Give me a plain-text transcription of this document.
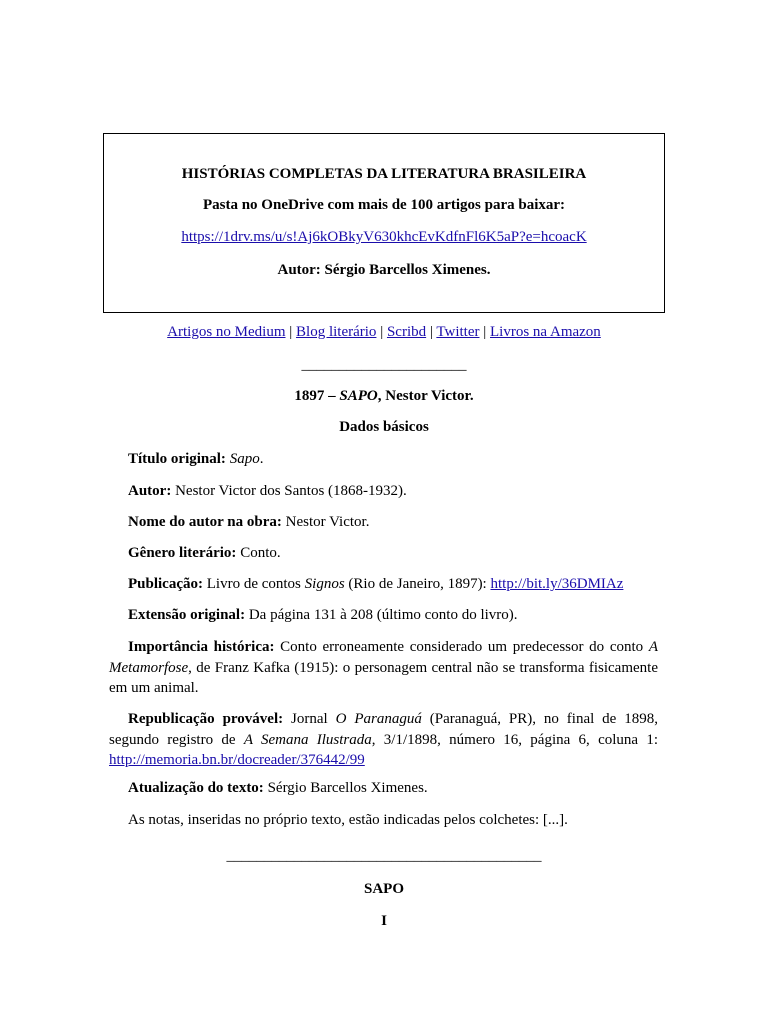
HISTÓRIAS COMPLETAS DA LITERATURA BRASILEIRA
Pasta no OneDrive com mais de 100 artigos para baixar:
https://1drv.ms/u/s!Aj6kOBkyV630khcEvKdfnFl6K5aP?e=hcoacK
Autor: Sérgio Barcellos Ximenes.
Artigos no Medium | Blog literário | Scribd | Twitter | Livros na Amazon
______________________
1897 – SAPO, Nestor Victor.
Dados básicos
Título original: Sapo.
Autor: Nestor Victor dos Santos (1868-1932).
Nome do autor na obra: Nestor Victor.
Gênero literário: Conto.
Publicação: Livro de contos Signos (Rio de Janeiro, 1897): http://bit.ly/36DMIAz
Extensão original: Da página 131 à 208 (último conto do livro).
Importância histórica: Conto erroneamente considerado um predecessor do conto A Metamorfose, de Franz Kafka (1915): o personagem central não se transforma fisicamente em um animal.
Republicação provável: Jornal O Paranaguá (Paranaguá, PR), no final de 1898, segundo registro de A Semana Ilustrada, 3/1/1898, número 16, página 6, coluna 1: http://memoria.bn.br/docreader/376442/99
Atualização do texto: Sérgio Barcellos Ximenes.
As notas, inseridas no próprio texto, estão indicadas pelos colchetes: [...].
__________________________________________
SAPO
I
